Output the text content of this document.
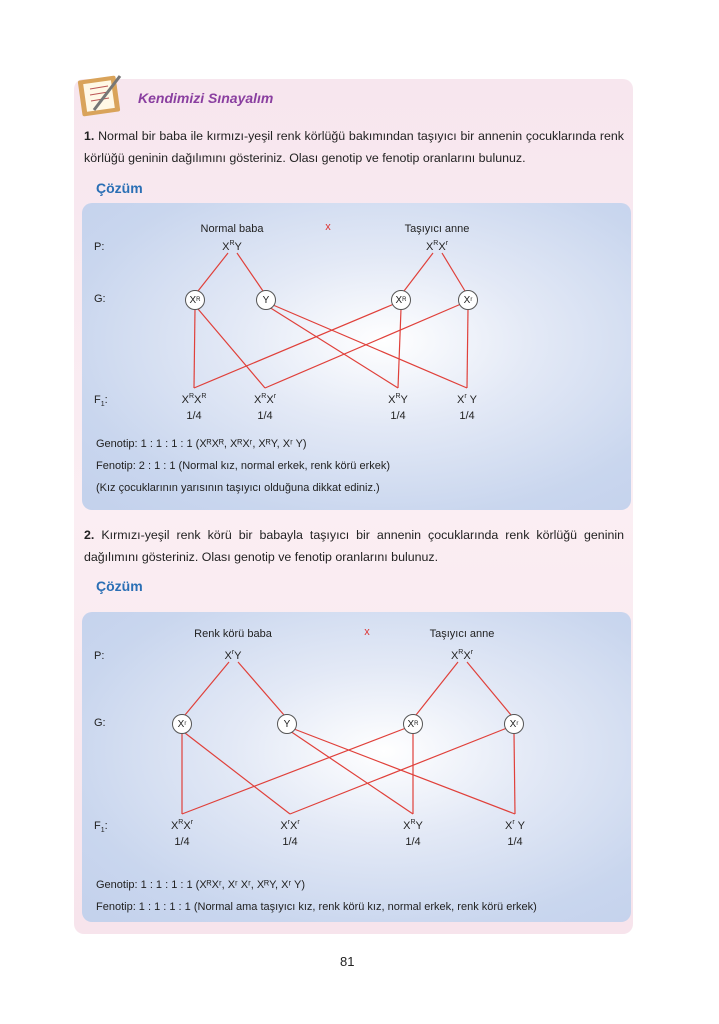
Kendimizi Sınayalım
1. Normal bir baba ile kırmızı-yeşil renk körlüğü bakımından taşıyıcı bir annenin çocuklarında renk körlüğü geninin dağılımını gösteriniz. Olası genotip ve fenotip oranlarını bulunuz.
Çözüm
Normal baba	x	Taşıyıcı anne
P:	$X^RY$	$X^RX^r$
G:	X R	Y	X R	X r
$F_1$:	$X^RX^R$	$X^RX^r$	$X^RY$	$X^r$ Y
1/4	1/4	1/4	1/4
Genotip: 1 : 1 : 1 : 1 (XᴿXᴿ, XᴿXʳ, XᴿY, Xʳ Y)
Fenotip: 2 : 1 : 1 (Normal kız, normal erkek, renk körü erkek)
(Kız çocuklarının yarısının taşıyıcı olduğuna dikkat ediniz.)
2. Kırmızı-yeşil renk körü bir babayla taşıyıcı bir annenin çocuklarında renk körlüğü geninin dağılımını gösteriniz. Olası genotip ve fenotip oranlarını bulunuz.
Çözüm
Renk körü baba	x	Taşıyıcı anne
P:	$X^rY$	$X^RX^r$
G:	X r	Y	X R	X r
$F_1$:	$X^RX^r$	$X^rX^r$	$X^RY$	$X^r$ Y
1/4	1/4	1/4	1/4
Genotip: 1 : 1 : 1 : 1 (XᴿXʳ, Xʳ Xʳ, XᴿY, Xʳ Y)
Fenotip: 1 : 1 : 1 : 1 (Normal ama taşıyıcı kız, renk körü kız, normal erkek, renk körü erkek)
81
